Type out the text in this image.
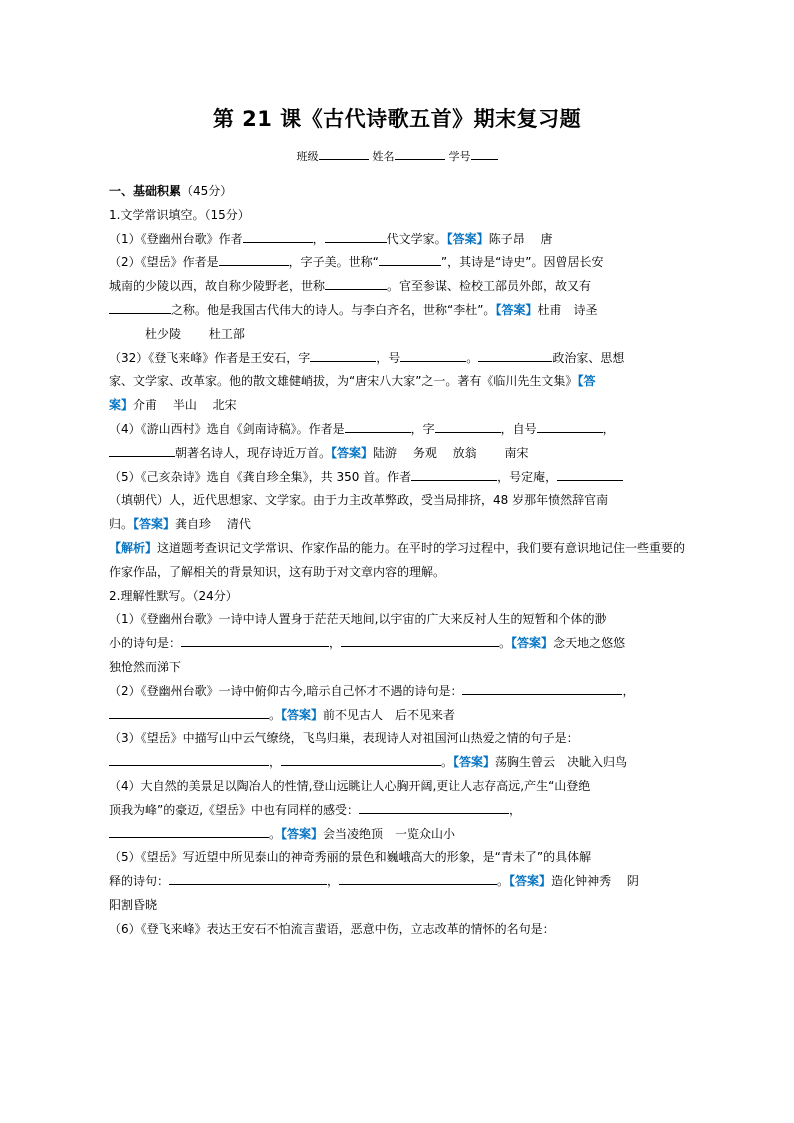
第 21 课《古代诗歌五首》期末复习题
班级	姓名	学号

一、基础积累（45分）

1.文学常识填空。（15分）

（1）《登幽州台歌》作者	，	代文学家。【答案】陈子昂　 唐

（2）《望岳》作者是	，字子美。世称“	”，其诗是“诗史”。因曾居长安

城南的少陵以西，故自称少陵野老，世称	。官至参谋、检校工部员外郎，故又有

之称。他是我国古代伟大的诗人。与李白齐名，世称“李杜”。【答案】杜甫　诗圣

杜少陵　　 杜工部

（32）《登飞来峰》作者是王安石，字	，号	。	政治家、思想

家、文学家、改革家。他的散文雄健峭拔，为“唐宋八大家”之一。著有《临川先生文集》【答

案】介甫　 半山　 北宋

（4）《游山西村》选自《剑南诗稿》。作者是	，字	，自号	，

朝著名诗人，现存诗近万首。【答案】陆游　 务观　 放翁　　 南宋

（5）《己亥杂诗》选自《龚自珍全集》，共 350 首。作者	，号定庵，

（填朝代）人，近代思想家、文学家。由于力主改革弊政，受当局排挤，48 岁那年愤然辞官南

归。【答案】龚自珍　 清代

【解析】这道题考查识记文学常识、作家作品的能力。在平时的学习过程中，我们要有意识地记住一些重要的作家作品，了解相关的背景知识，这有助于对文章内容的理解。

2.理解性默写。（24分）

（1）《登幽州台歌》一诗中诗人置身于茫茫天地间,以宇宙的广大来反衬人生的短暂和个体的渺

小的诗句是：	，	。【答案】念天地之悠悠

独怆然而涕下

（2）《登幽州台歌》一诗中俯仰古今,暗示自己怀才不遇的诗句是：	，

。【答案】前不见古人　后不见来者

（3）《望岳》中描写山中云气缭绕，飞鸟归巢，表现诗人对祖国河山热爱之情的句子是：

，	。【答案】荡胸生曾云　决眦入归鸟

（4）大自然的美景足以陶冶人的性情,登山远眺让人心胸开阔,更让人志存高远,产生“山登绝

顶我为峰”的豪迈,《望岳》中也有同样的感受：	，

。【答案】会当凌绝顶　一览众山小

（5）《望岳》写近望中所见泰山的神奇秀丽的景色和巍峨高大的形象，是“青未了”的具体解

释的诗句：	，	。【答案】造化钟神秀　 阴

阳割昏晓

（6）《登飞来峰》表达王安石不怕流言蜚语，恶意中伤，立志改革的情怀的名句是：
